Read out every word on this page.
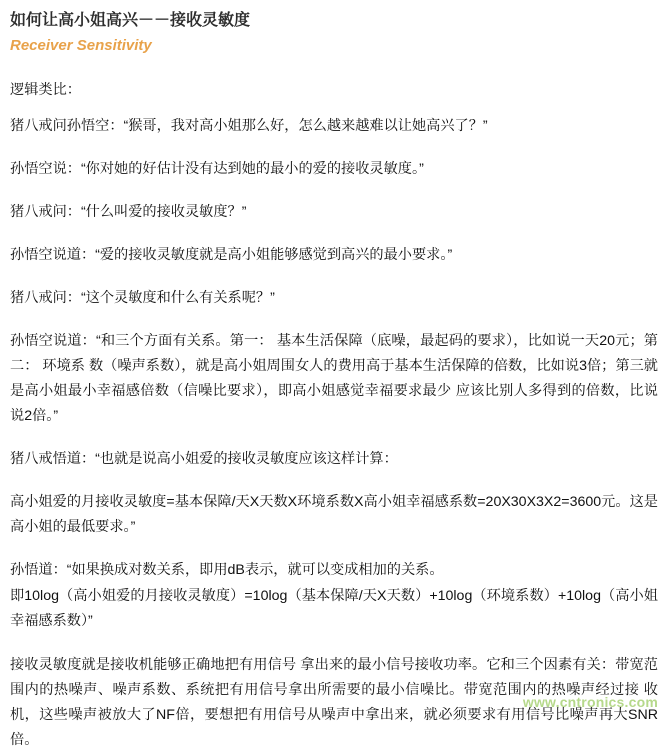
如何让高小姐高兴－－接收灵敏度
Receiver Sensitivity

逻辑类比：

猪八戒问孙悟空：“猴哥，我对高小姐那么好，怎么越来越难以让她高兴了？”

孙悟空说：“你对她的好估计没有达到她的最小的爱的接收灵敏度。”

猪八戒问：“什么叫爱的接收灵敏度？”

孙悟空说道：“爱的接收灵敏度就是高小姐能够感觉到高兴的最小要求。”

猪八戒问：“这个灵敏度和什么有关系呢？”

孙悟空说道：“和三个方面有关系。第一： 基本生活保障（底噪，最起码的要求），比如说一天20元；第二： 环境系 数（噪声系数），就是高小姐周围女人的费用高于基本生活保障的倍数，比如说3倍；第三就是高小姐最小幸福感倍数（信噪比要求），即高小姐感觉幸福要求最少 应该比别人多得到的倍数，比说说2倍。”

猪八戒悟道：“也就是说高小姐爱的接收灵敏度应该这样计算：

高小姐爱的月接收灵敏度=基本保障/天X天数X环境系数X高小姐幸福感系数=20X30X3X2=3600元。这是高小姐的最低要求。”

孙悟道：“如果换成对数关系，即用dB表示，就可以变成相加的关系。

即10log（高小姐爱的月接收灵敏度）=10log（基本保障/天X天数）+10log（环境系数）+10log（高小姐幸福感系数）”

接收灵敏度就是接收机能够正确地把有用信号 拿出来的最小信号接收功率。它和三个因素有关：带宽范围内的热噪声、噪声系数、系统把有用信号拿出所需要的最小信噪比。带宽范围内的热噪声经过接 收机，这些噪声被放大了NF倍，要想把有用信号从噪声中拿出来，就必须要求有用信号比噪声再大SNR倍。

www.cntronics.com
